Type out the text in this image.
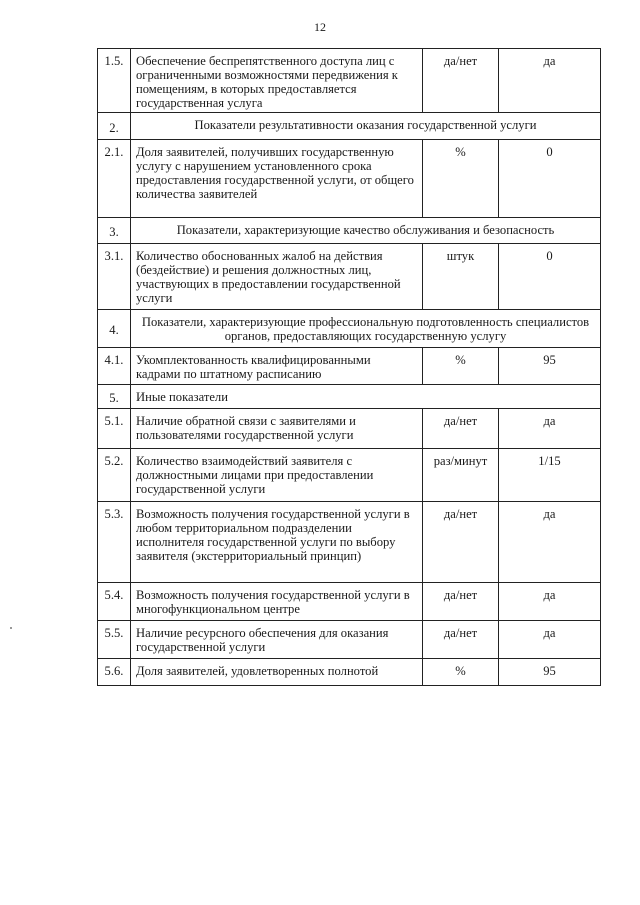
12
1.5.	Обеспечение беспрепятственного доступа лиц с ограниченными возможностями передвижения к помещениям, в которых предоставляется государственная услуга	да/нет	да
2.	Показатели результативности оказания государственной услуги		
2.1.	Доля заявителей, получивших государственную услугу с нарушением установленного срока предоставления государственной услуги, от общего количества заявителей	%	0
3.	Показатели, характеризующие качество обслуживания и безопасность		
3.1.	Количество обоснованных жалоб на действия (бездействие) и решения должностных лиц, участвующих в предоставлении государственной услуги	штук	0
4.	Показатели, характеризующие профессиональную подготовленность специалистов органов, предоставляющих государственную услугу		
4.1.	Укомплектованность квалифицированными кадрами по штатному расписанию	%	95
5.	Иные показатели		
5.1.	Наличие обратной связи с заявителями и пользователями государственной услуги	да/нет	да
5.2.	Количество взаимодействий заявителя с должностными лицами при предоставлении государственной услуги	раз/минут	1/15
5.3.	Возможность получения государственной услуги в любом территориальном подразделении исполнителя государственной услуги по выбору заявителя (экстерриториальный принцип)	да/нет	да
5.4.	Возможность получения государственной услуги в многофункциональном центре	да/нет	да
5.5.	Наличие ресурсного обеспечения для оказания государственной услуги	да/нет	да
5.6.	Доля заявителей, удовлетворенных полнотой	%	95
